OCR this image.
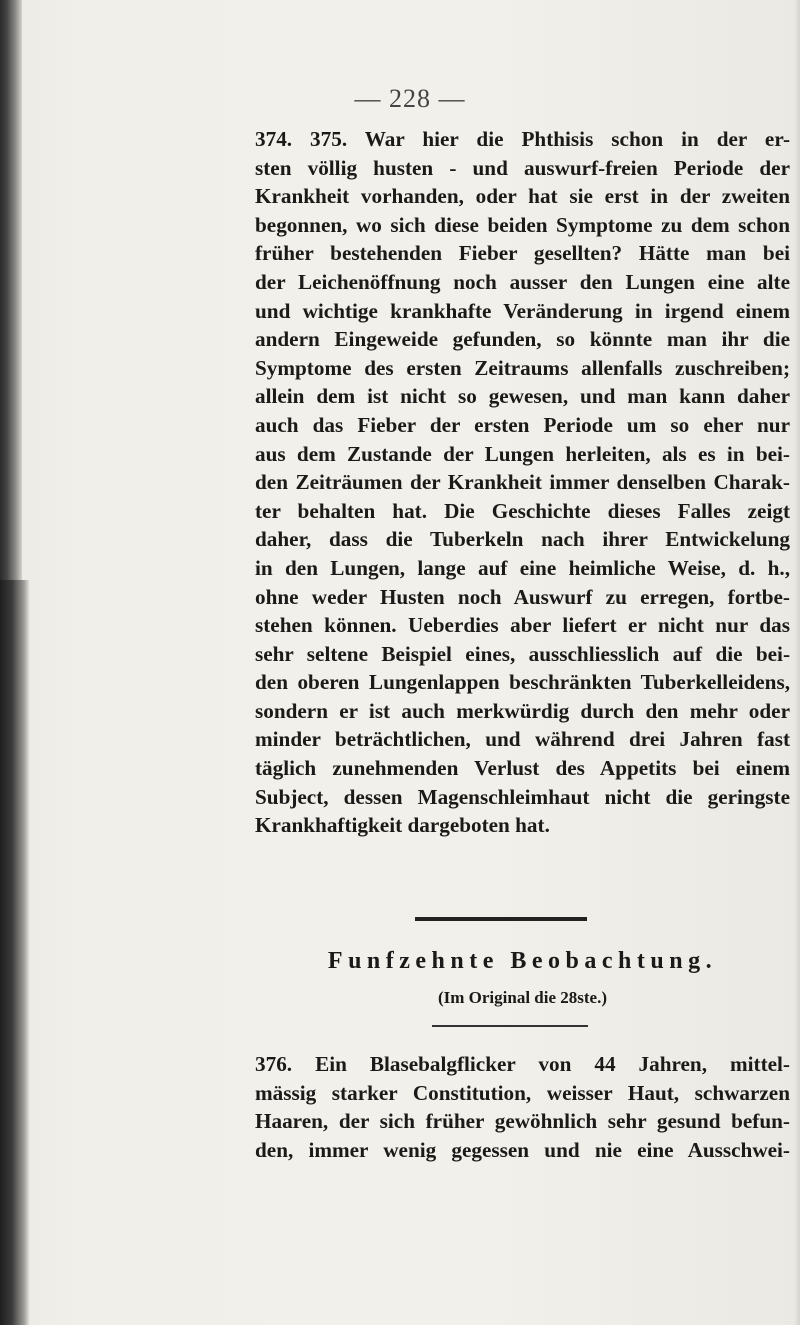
— 228 —
374. 375. War hier die Phthisis schon in der er-
sten völlig husten - und auswurf-freien Periode der
Krankheit vorhanden, oder hat sie erst in der zweiten
begonnen, wo sich diese beiden Symptome zu dem schon
früher bestehenden Fieber gesellten? Hätte man bei
der Leichenöffnung noch ausser den Lungen eine alte
und wichtige krankhafte Veränderung in irgend einem
andern Eingeweide gefunden, so könnte man ihr die
Symptome des ersten Zeitraums allenfalls zuschreiben;
allein dem ist nicht so gewesen, und man kann daher
auch das Fieber der ersten Periode um so eher nur
aus dem Zustande der Lungen herleiten, als es in bei-
den Zeiträumen der Krankheit immer denselben Charak-
ter behalten hat. Die Geschichte dieses Falles zeigt
daher, dass die Tuberkeln nach ihrer Entwickelung
in den Lungen, lange auf eine heimliche Weise, d. h.,
ohne weder Husten noch Auswurf zu erregen, fortbe-
stehen können. Ueberdies aber liefert er nicht nur das
sehr seltene Beispiel eines, ausschliesslich auf die bei-
den oberen Lungenlappen beschränkten Tuberkelleidens,
sondern er ist auch merkwürdig durch den mehr oder
minder beträchtlichen, und während drei Jahren fast
täglich zunehmenden Verlust des Appetits bei einem
Subject, dessen Magenschleimhaut nicht die geringste
Krankhaftigkeit dargeboten hat.
Funfzehnte Beobachtung.
(Im Original die 28ste.)
376. Ein Blasebalgflicker von 44 Jahren, mittel-
mässig starker Constitution, weisser Haut, schwarzen
Haaren, der sich früher gewöhnlich sehr gesund befun-
den, immer wenig gegessen und nie eine Ausschwei-
